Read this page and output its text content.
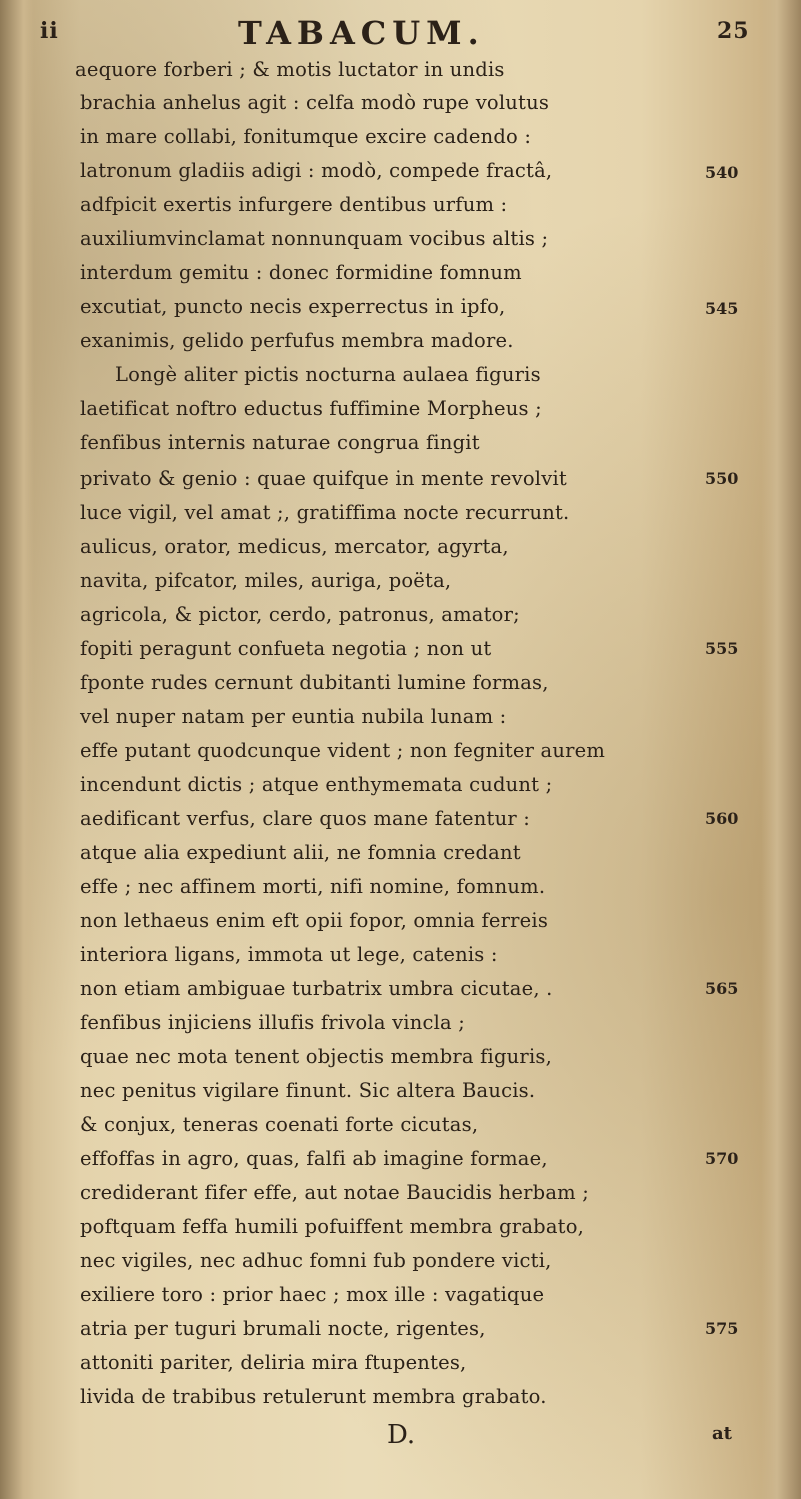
ii	TABACUM.	25
aequore forberi ; & motis luctator in undis
brachia anhelus agit : celfa modò rupe volutus
in mare collabi, fonitumque excire cadendo :
latronum gladiis adigi : modò, compede fractâ,
adfpicit exertis infurgere dentibus urfum :
auxiliumvinclamat nonnunquam vocibus altis ;
interdum gemitu : donec formidine fomnum
excutiat, puncto necis experrectus in ipfo,
exanimis, gelido perfufus membra madore.
Longè aliter pictis nocturna aulaea figuris
laetificat noftro eductus fuffimine Morpheus ;
fenfibus internis naturae congrua fingit
privato & genio : quae quifque in mente revolvit
luce vigil, vel amat ;, gratiffima nocte recurrunt.
aulicus, orator, medicus, mercator, agyrta,
navita, pifcator, miles, auriga, poëta,
agricola, & pictor, cerdo, patronus, amator;
fopiti peragunt confueta negotia ; non ut
fponte rudes cernunt dubitanti lumine formas,
vel nuper natam per euntia nubila lunam :
effe putant quodcunque vident ; non fegniter aurem
incendunt dictis ; atque enthymemata cudunt ;
aedificant verfus, clare quos mane fatentur :
atque alia expediunt alii, ne fomnia credant
effe ; nec affinem morti, nifi nomine, fomnum.
non lethaeus enim eft opii fopor, omnia ferreis
interiora ligans, immota ut lege, catenis :
non etiam ambiguae turbatrix umbra cicutae, .
fenfibus injiciens illufis frivola vincla ;
quae nec mota tenent objectis membra figuris,
nec penitus vigilare finunt. Sic altera Baucis.
& conjux, teneras coenati forte cicutas,
effoffas in agro, quas, falfi ab imagine formae,
crediderant fifer effe, aut notae Baucidis herbam ;
poftquam feffa humili pofuiffent membra grabato,
nec vigiles, nec adhuc fomni fub pondere victi,
exiliere toro : prior haec ; mox ille : vagatique
atria per tuguri brumali nocte, rigentes,
attoniti pariter, deliria mira ftupentes,
livida de trabibus retulerunt membra grabato.
540
545
550
555
560
565
570
575
D.	at
